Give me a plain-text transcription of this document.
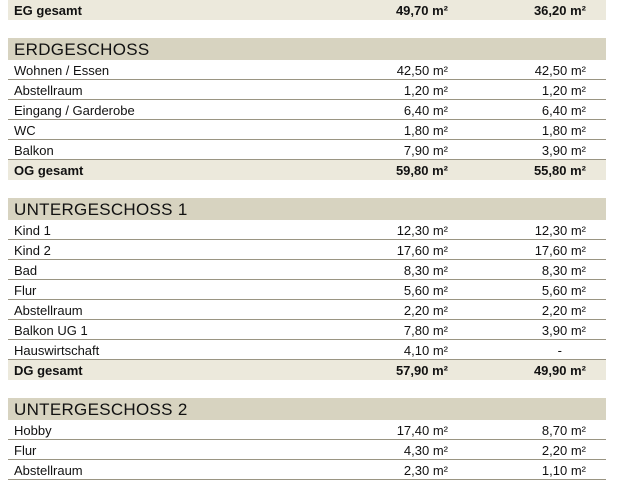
EG gesamt	49,70 m²	36,20 m²
ERDGESCHOSS
Wohnen / Essen	42,50 m²	42,50 m²
Abstellraum	1,20 m²	1,20 m²
Eingang / Garderobe	6,40 m²	6,40 m²
WC	1,80 m²	1,80 m²
Balkon	7,90 m²	3,90 m²
OG gesamt	59,80 m²	55,80 m²
UNTERGESCHOSS 1
Kind 1	12,30 m²	12,30 m²
Kind 2	17,60 m²	17,60 m²
Bad	8,30 m²	8,30 m²
Flur	5,60 m²	5,60 m²
Abstellraum	2,20 m²	2,20 m²
Balkon UG 1	7,80 m²	3,90 m²
Hauswirtschaft	4,10 m²	-
DG gesamt	57,90 m²	49,90 m²
UNTERGESCHOSS 2
Hobby	17,40 m²	8,70 m²
Flur	4,30 m²	2,20 m²
Abstellraum	2,30 m²	1,10 m²
